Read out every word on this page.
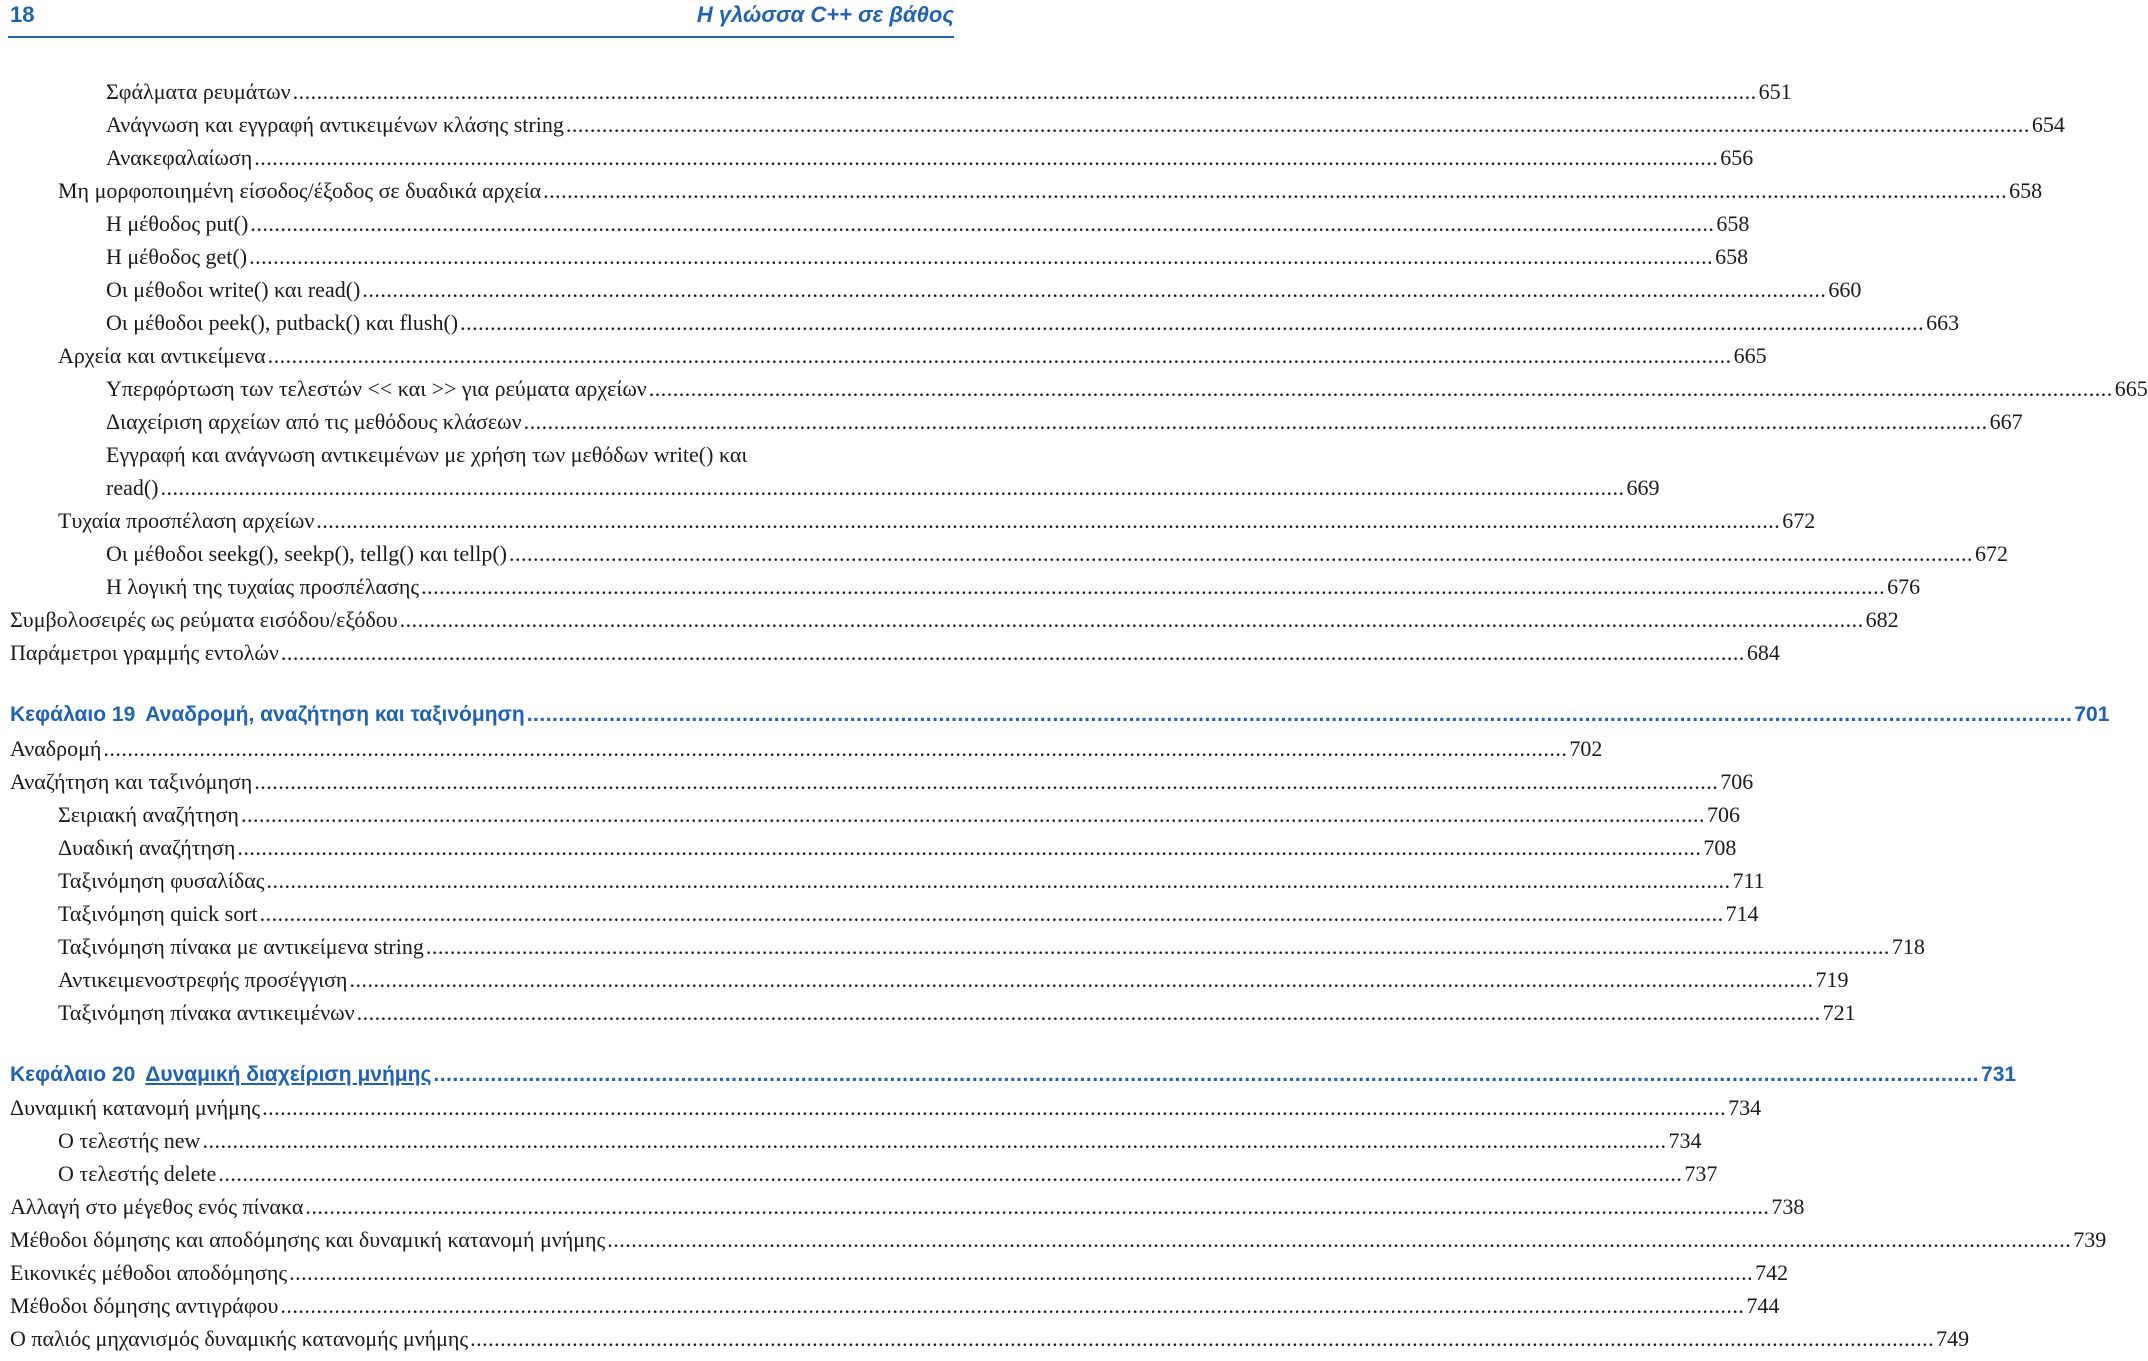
18	Η γλώσσα C++ σε βάθος
Σφάλματα ρευμάτων .....	651
Ανάγνωση και εγγραφή αντικειμένων κλάσης string .....	654
Ανακεφαλαίωση .....	656
Μη μορφοποιημένη είσοδος/έξοδος σε δυαδικά αρχεία .....	658
Η μέθοδος put() .....	658
Η μέθοδος get() .....	658
Οι μέθοδοι write() και read() .....	660
Οι μέθοδοι peek(), putback() και flush() .....	663
Αρχεία και αντικείμενα .....	665
Υπερφόρτωση των τελεστών << και >> για ρεύματα αρχείων .....	665
Διαχείριση αρχείων από τις μεθόδους κλάσεων .....	667
Εγγραφή και ανάγνωση αντικειμένων με χρήση των μεθόδων write() και
read() .....	669
Τυχαία προσπέλαση αρχείων .....	672
Οι μέθοδοι seekg(), seekp(), tellg() και tellp() .....	672
Η λογική της τυχαίας προσπέλασης .....	676
Συμβολοσειρές ως ρεύματα εισόδου/εξόδου .....	682
Παράμετροι γραμμής εντολών .....	684
Κεφάλαιο 19 Αναδρομή, αναζήτηση και ταξινόμηση .....	701
Αναδρομή .....	702
Αναζήτηση και ταξινόμηση .....	706
Σειριακή αναζήτηση .....	706
Δυαδική αναζήτηση .....	708
Ταξινόμηση φυσαλίδας .....	711
Ταξινόμηση quick sort .....	714
Ταξινόμηση πίνακα με αντικείμενα string .....	718
Αντικειμενοστρεφής προσέγγιση .....	719
Ταξινόμηση πίνακα αντικειμένων .....	721
Κεφάλαιο 20 Δυναμική διαχείριση μνήμης .....	731
Δυναμική κατανομή μνήμης .....	734
Ο τελεστής new .....	734
Ο τελεστής delete .....	737
Αλλαγή στο μέγεθος ενός πίνακα .....	738
Μέθοδοι δόμησης και αποδόμησης και δυναμική κατανομή μνήμης .....	739
Εικονικές μέθοδοι αποδόμησης .....	742
Μέθοδοι δόμησης αντιγράφου .....	744
Ο παλιός μηχανισμός δυναμικής κατανομής μνήμης .....	749
